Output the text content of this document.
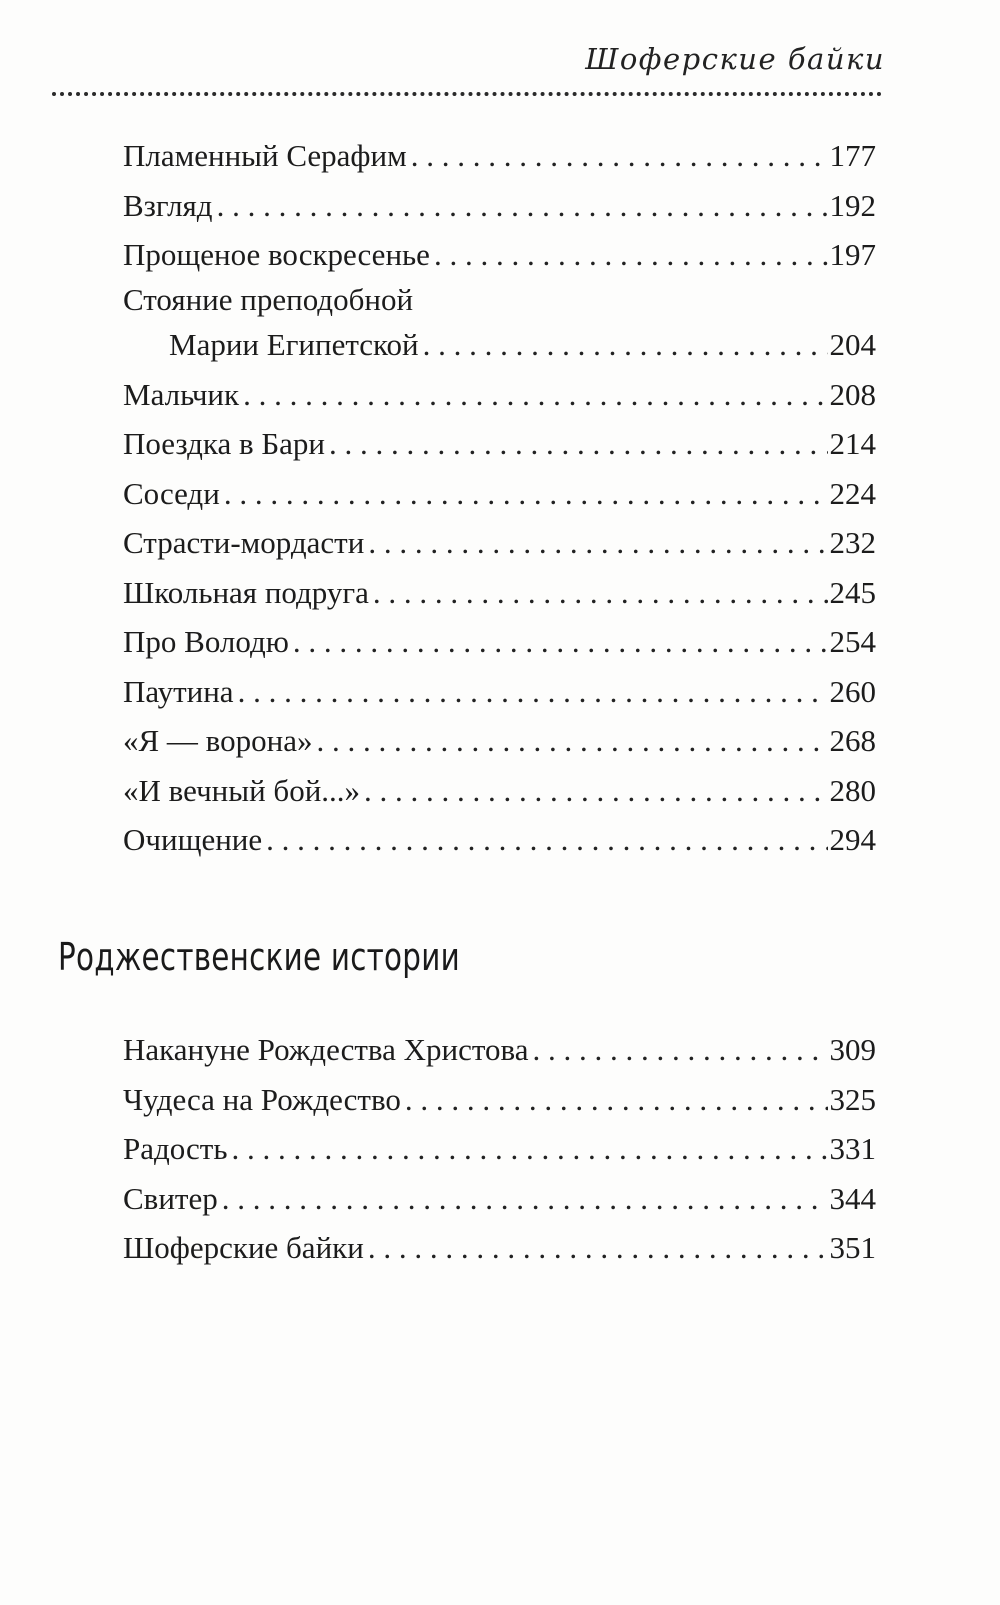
Шоферские байки
Пламенный Серафим . . .	177
Взгляд . . .	192
Прощеное воскресенье . . .	197
Стояние преподобной
Марии Египетской . . .	204
Мальчик . . .	208
Поездка в Бари . . .	214
Соседи . . .	224
Страсти-мордасти . . .	232
Школьная подруга . . .	245
Про Володю . . .	254
Паутина . . .	260
«Я — ворона» . . .	268
«И вечный бой...» . . .	280
Очищение . . .	294
Роджественские истории
Накануне Рождества Христова . . .	309
Чудеса на Рождество . . .	325
Радость . . .	331
Свитер . . .	344
Шоферские байки . . .	351
